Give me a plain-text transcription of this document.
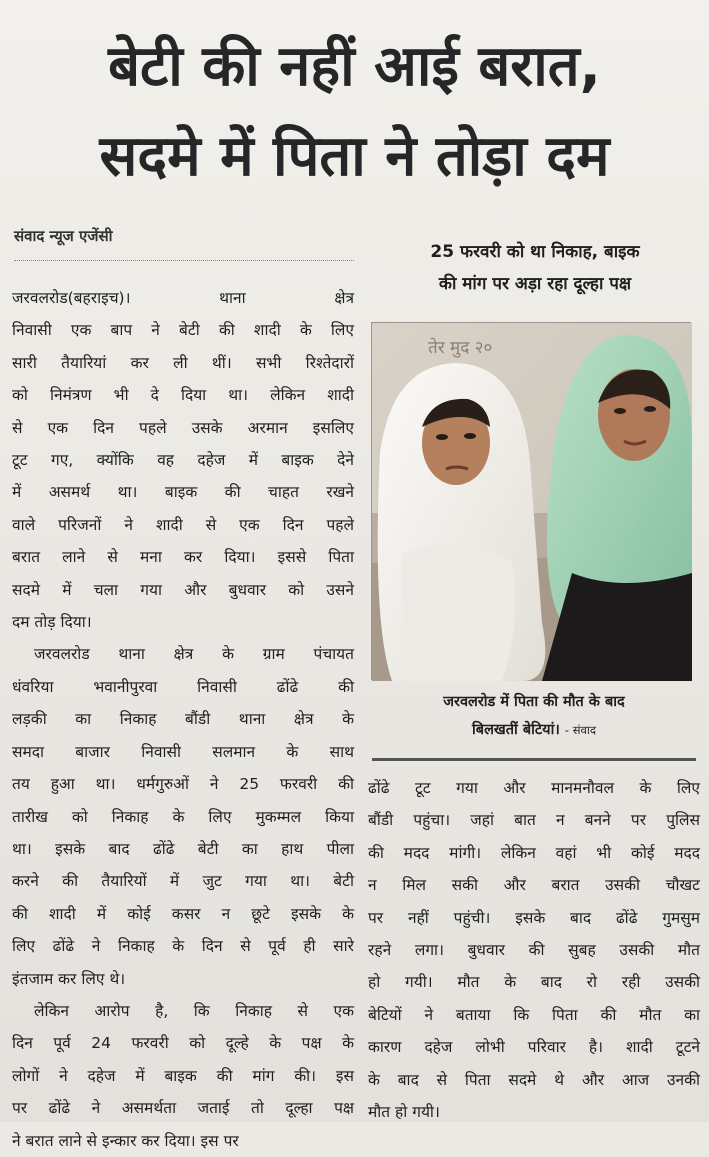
बेटी की नहीं आई बरात,
सदमे में पिता ने तोड़ा दम
संवाद न्यूज एजेंसी
25 फरवरी को था निकाह, बाइक
की मांग पर अड़ा रहा दूल्हा पक्ष
जरवलरोड(बहराइच)। थाना क्षेत्र
निवासी एक बाप ने बेटी की शादी के लिए
सारी तैयारियां कर ली थीं। सभी रिश्तेदारों
को निमंत्रण भी दे दिया था। लेकिन शादी
से एक दिन पहले उसके अरमान इसलिए
टूट गए, क्योंकि वह दहेज में बाइक देने
में असमर्थ था। बाइक की चाहत रखने
वाले परिजनों ने शादी से एक दिन पहले
बरात लाने से मना कर दिया। इससे पिता
सदमे में चला गया और बुधवार को उसने
दम तोड़ दिया।
जरवलरोड थाना क्षेत्र के ग्राम पंचायत
धंवरिया भवानीपुरवा निवासी ढोंढे की
लड़की का निकाह बौंडी थाना क्षेत्र के
समदा बाजार निवासी सलमान के साथ
तय हुआ था। धर्मगुरुओं ने 25 फरवरी की
तारीख को निकाह के लिए मुकम्मल किया
था। इसके बाद ढोंढे बेटी का हाथ पीला
करने की तैयारियों में जुट गया था। बेटी
की शादी में कोई कसर न छूटे इसके के
लिए ढोंढे ने निकाह के दिन से पूर्व ही सारे
इंतजाम कर लिए थे।
लेकिन आरोप है, कि निकाह से एक
दिन पूर्व 24 फरवरी को दूल्हे के पक्ष के
लोगों ने दहेज में बाइक की मांग की। इस
पर ढोंढे ने असमर्थता जताई तो दूल्हा पक्ष
ने बरात लाने से इन्कार कर दिया। इस पर
तेर मुद २०
जरवलरोड में पिता की मौत के बाद
बिलखतीं बेटियां। - संवाद
ढोंढे टूट गया और मानमनौवल के लिए
बौंडी पहुंचा। जहां बात न बनने पर पुलिस
की मदद मांगी। लेकिन वहां भी कोई मदद
न मिल सकी और बरात उसकी चौखट
पर नहीं पहुंची। इसके बाद ढोंढे गुमसुम
रहने लगा। बुधवार की सुबह उसकी मौत
हो गयी। मौत के बाद रो रही उसकी
बेटियों ने बताया कि पिता की मौत का
कारण दहेज लोभी परिवार है। शादी टूटने
के बाद से पिता सदमे थे और आज उनकी
मौत हो गयी।
